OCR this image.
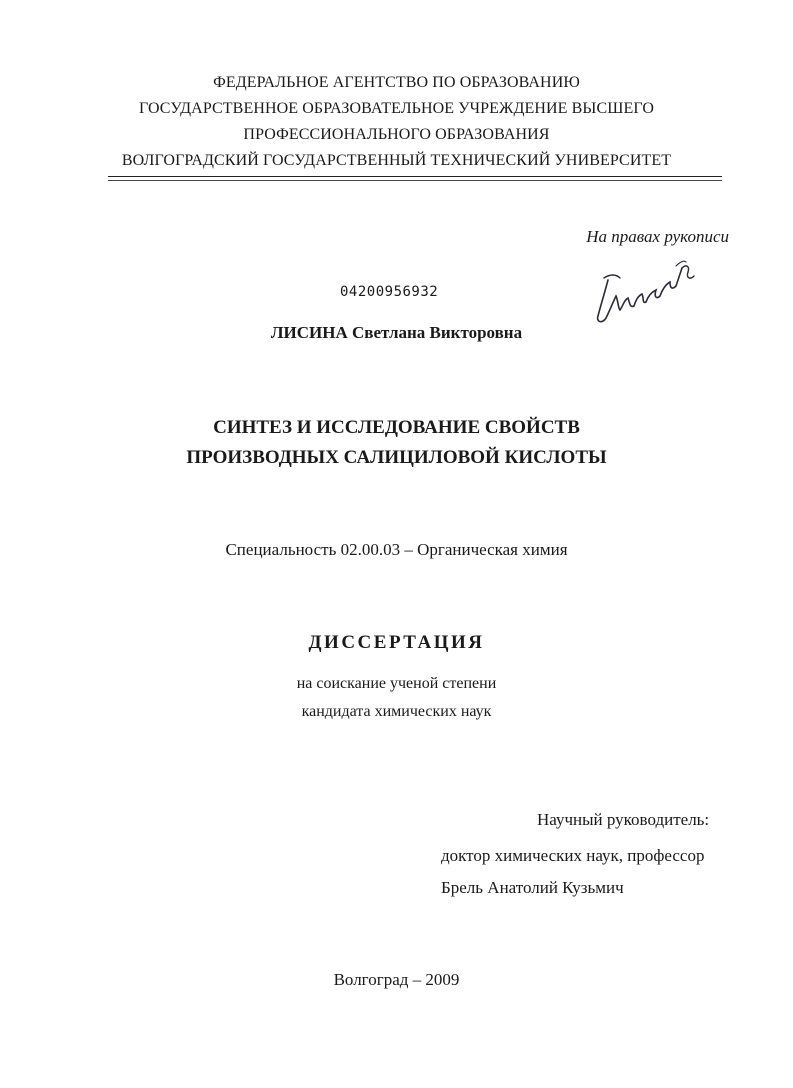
ФЕДЕРАЛЬНОЕ АГЕНТСТВО ПО ОБРАЗОВАНИЮ
ГОСУДАРСТВЕННОЕ ОБРАЗОВАТЕЛЬНОЕ УЧРЕЖДЕНИЕ ВЫСШЕГО
ПРОФЕССИОНАЛЬНОГО ОБРАЗОВАНИЯ
ВОЛГОГРАДСКИЙ ГОСУДАРСТВЕННЫЙ ТЕХНИЧЕСКИЙ УНИВЕРСИТЕТ
На правах рукописи
04200956932
ЛИСИНА Светлана Викторовна
СИНТЕЗ И ИССЛЕДОВАНИЕ СВОЙСТВ
ПРОИЗВОДНЫХ САЛИЦИЛОВОЙ КИСЛОТЫ
Специальность 02.00.03 – Органическая химия
ДИССЕРТАЦИЯ
на соискание ученой степени
кандидата химических наук
Научный руководитель:
доктор химических наук, профессор
Брель Анатолий Кузьмич
Волгоград – 2009
